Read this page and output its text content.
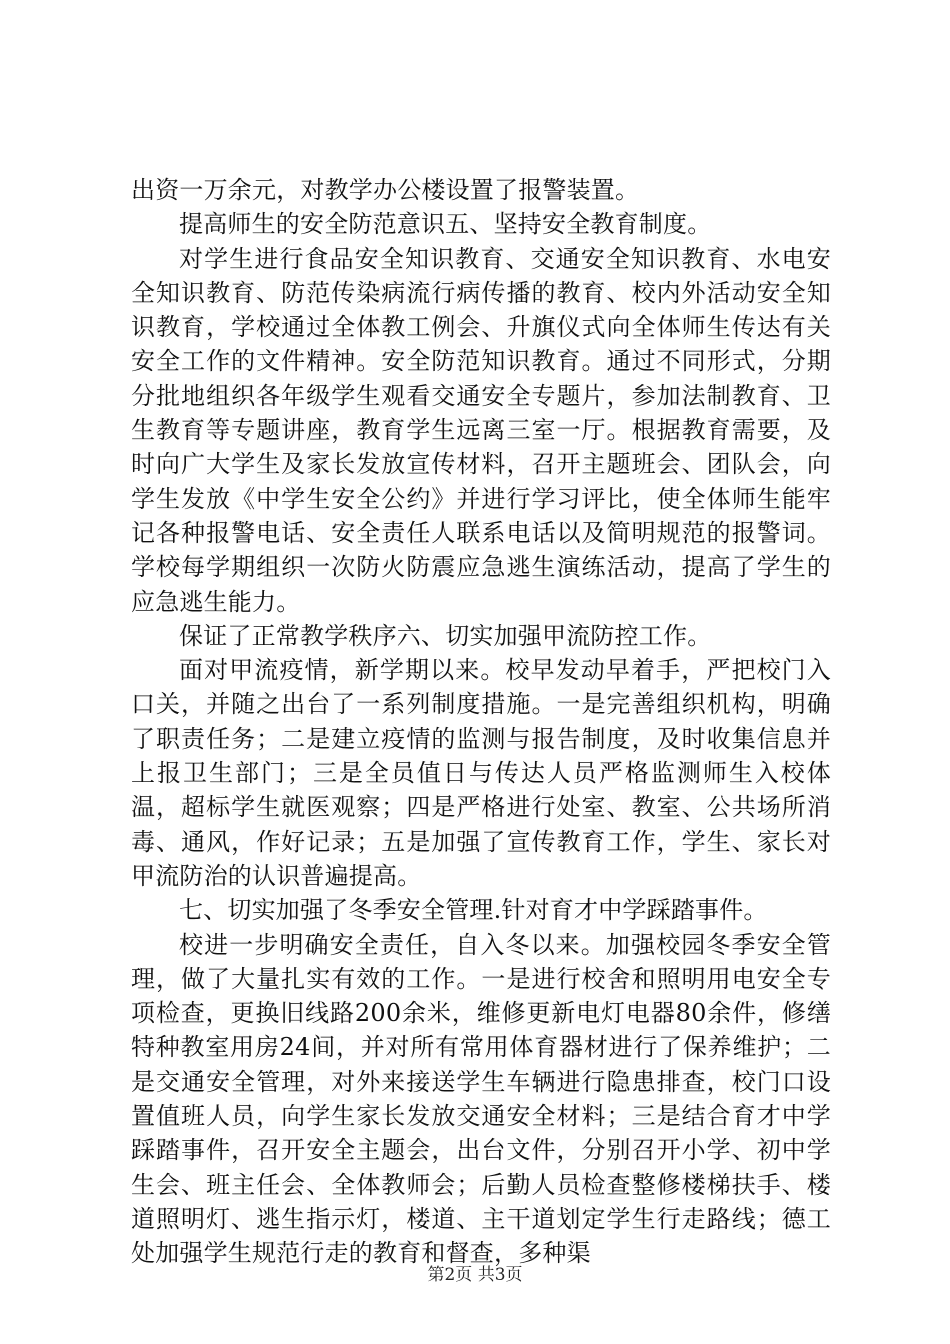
出资一万余元，对教学办公楼设置了报警装置。

提高师生的安全防范意识五、坚持安全教育制度。

对学生进行食品安全知识教育、交通安全知识教育、水电安全知识教育、防范传染病流行病传播的教育、校内外活动安全知识教育，学校通过全体教工例会、升旗仪式向全体师生传达有关安全工作的文件精神。安全防范知识教育。通过不同形式，分期分批地组织各年级学生观看交通安全专题片，参加法制教育、卫生教育等专题讲座，教育学生远离三室一厅。根据教育需要，及时向广大学生及家长发放宣传材料，召开主题班会、团队会，向学生发放《中学生安全公约》并进行学习评比，使全体师生能牢记各种报警电话、安全责任人联系电话以及简明规范的报警词。学校每学期组织一次防火防震应急逃生演练活动，提高了学生的应急逃生能力。

保证了正常教学秩序六、切实加强甲流防控工作。

面对甲流疫情，新学期以来。校早发动早着手，严把校门入口关，并随之出台了一系列制度措施。一是完善组织机构，明确了职责任务；二是建立疫情的监测与报告制度，及时收集信息并上报卫生部门；三是全员值日与传达人员严格监测师生入校体温，超标学生就医观察；四是严格进行处室、教室、公共场所消毒、通风，作好记录；五是加强了宣传教育工作，学生、家长对甲流防治的认识普遍提高。

七、切实加强了冬季安全管理.针对育才中学踩踏事件。

校进一步明确安全责任，自入冬以来。加强校园冬季安全管理，做了大量扎实有效的工作。一是进行校舍和照明用电安全专项检查，更换旧线路200余米，维修更新电灯电器80余件，修缮特种教室用房24间，并对所有常用体育器材进行了保养维护；二是交通安全管理，对外来接送学生车辆进行隐患排查，校门口设置值班人员，向学生家长发放交通安全材料；三是结合育才中学踩踏事件，召开安全主题会，出台文件，分别召开小学、初中学生会、班主任会、全体教师会；后勤人员检查整修楼梯扶手、楼道照明灯、逃生指示灯，楼道、主干道划定学生行走路线；德工处加强学生规范行走的教育和督查，多种渠

第2页 共3页
